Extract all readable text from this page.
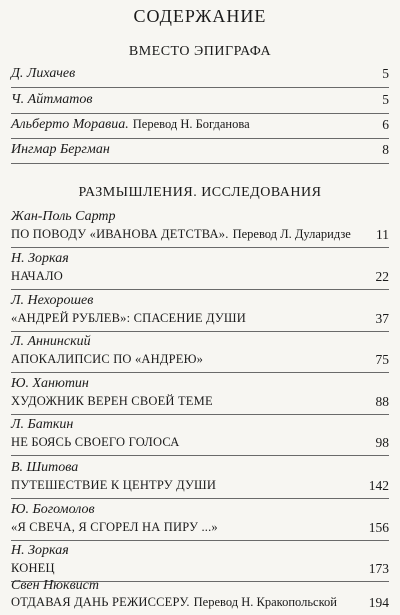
СОДЕРЖАНИЕ
ВМЕСТО ЭПИГРАФА
Д. Лихачев	5
Ч. Айтматов	5
Альберто Моравиа. Перевод Н. Богданова	6
Ингмар Бергман	8
РАЗМЫШЛЕНИЯ. ИССЛЕДОВАНИЯ
Жан-Поль Сартр
ПО ПОВОДУ «ИВАНОВА ДЕТСТВА». Перевод Л. Дуларидзе 11
Н. Зоркая
НАЧАЛО	22
Л. Нехорошев
«АНДРЕЙ РУБЛЕВ»: СПАСЕНИЕ ДУШИ	37
Л. Аннинский
АПОКАЛИПСИС ПО «АНДРЕЮ»	75
Ю. Ханютин
ХУДОЖНИК ВЕРЕН СВОЕЙ ТЕМЕ	88
Л. Баткин
НЕ БОЯСЬ СВОЕГО ГОЛОСА	98
В. Шитова
ПУТЕШЕСТВИЕ К ЦЕНТРУ ДУШИ	142
Ю. Богомолов
«Я СВЕЧА, Я СГОРЕЛ НА ПИРУ ...»	156
Н. Зоркая
КОНЕЦ	173
Свен Нюквист
ОТДАВАЯ ДАНЬ РЕЖИССЕРУ. Перевод Н. Кракопольской 194
